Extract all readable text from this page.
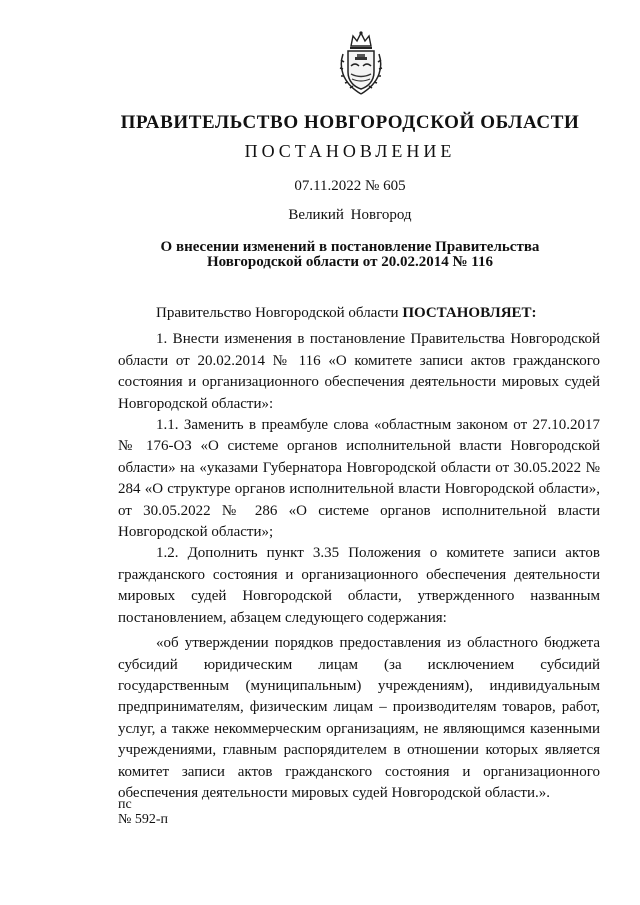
ПРАВИТЕЛЬСТВО НОВГОРОДСКОЙ ОБЛАСТИ
ПОСТАНОВЛЕНИЕ
07.11.2022 № 605
Великий Новгород
О внесении изменений в постановление Правительства
Новгородской области от 20.02.2014 № 116

Правительство Новгородской области ПОСТАНОВЛЯЕТ:

1. Внести изменения в постановление Правительства Новгородской области от 20.02.2014 № 116 «О комитете записи актов гражданского состояния и организационного обеспечения деятельности мировых судей Новгородской области»:

1.1. Заменить в преамбуле слова «областным законом от 27.10.2017 № 176-ОЗ «О системе органов исполнительной власти Новгородской области» на «указами Губернатора Новгородской области от 30.05.2022 № 284 «О структуре органов исполнительной власти Новгородской области», от 30.05.2022 № 286 «О системе органов исполнительной власти Новгородской области»;

1.2. Дополнить пункт 3.35 Положения о комитете записи актов гражданского состояния и организационного обеспечения деятельности мировых судей Новгородской области, утвержденного названным постановлением, абзацем следующего содержания:

«об утверждении порядков предоставления из областного бюджета субсидий юридическим лицам (за исключением субсидий государственным (муниципальным) учреждениям), индивидуальным предпринимателям, физическим лицам – производителям товаров, работ, услуг, а также некоммерческим организациям, не являющимся казенными учреждениями, главным распорядителем в отношении которых является комитет записи актов гражданского состояния и организационного обеспечения деятельности мировых судей Новгородской области.».

пс
№ 592-п
